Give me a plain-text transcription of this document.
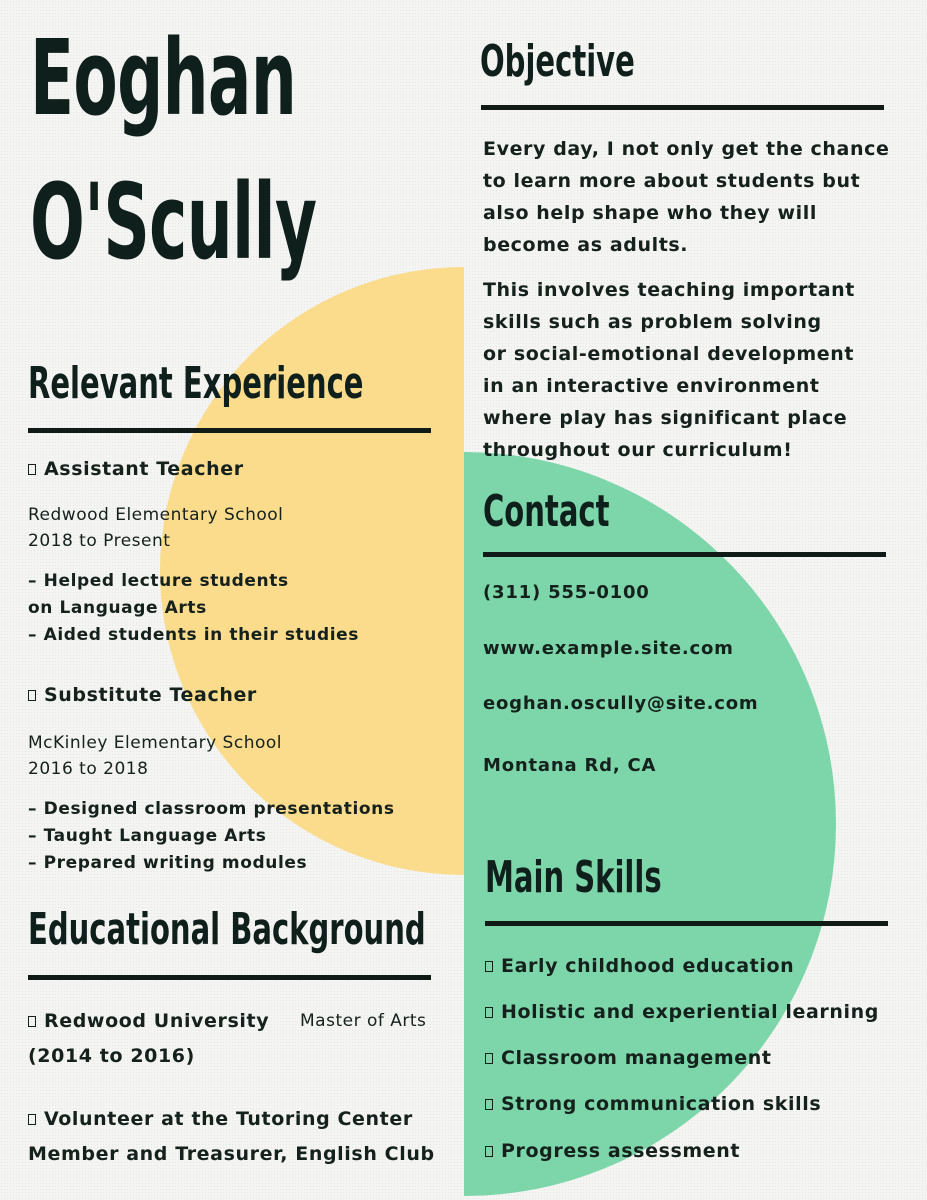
Eoghan
O'Scully
Objective
Every day, I not only get the chance
to learn more about students but
also help shape who they will
become as adults.
This involves teaching important
skills such as problem solving
or social-emotional development
in an interactive environment
where play has significant place
throughout our curriculum!
Relevant Experience
Assistant Teacher
Redwood Elementary School
2018 to Present
– Helped lecture students
on Language Arts
– Aided students in their studies
Substitute Teacher
McKinley Elementary School
2016 to 2018
– Designed classroom presentations
– Taught Language Arts
– Prepared writing modules
Educational Background
Redwood University Master of Arts
(2014 to 2016)
Volunteer at the Tutoring Center
Member and Treasurer, English Club
Contact
(311) 555-0100
www.example.site.com
eoghan.oscully@site.com
Montana Rd, CA
Main Skills
Early childhood education
Holistic and experiential learning
Classroom management
Strong communication skills
Progress assessment
